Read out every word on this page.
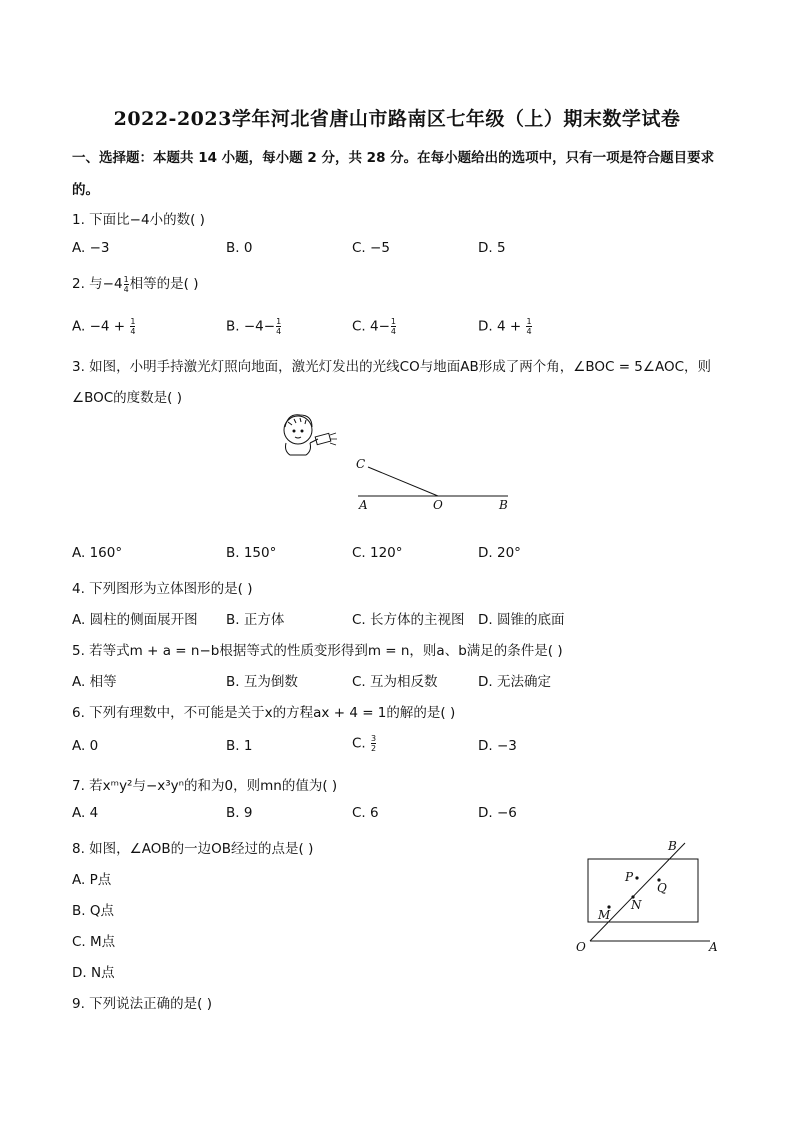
2022-2023学年河北省唐山市路南区七年级（上）期末数学试卷
一、选择题：本题共 14 小题，每小题 2 分，共 28 分。在每小题给出的选项中，只有一项是符合题目要求
的。
1. 下面比−4小的数( )
A. −3	B. 0	C. −5	D. 5
2. 与$-4 \frac{1}{4}$ 相等的是( )
A. $-4 + \frac{1}{4}$	B. $-4- \frac{1}{4}$	C. $4- \frac{1}{4}$	D. $4 + \frac{1}{4}$
3. 如图，小明手持激光灯照向地面，激光灯发出的光线CO与地面AB形成了两个角，∠BOC = 5∠AOC，则
∠BOC的度数是( )
C
A	O	B
A. 160°	B. 150°	C. 120°	D. 20°
4. 下列图形为立体图形的是( )
A. 圆柱的侧面展开图 B. 正方体	C. 长方体的主视图 D. 圆锥的底面
5. 若等式m + a = n−b根据等式的性质变形得到m = n，则a、b满足的条件是( )
A. 相等	B. 互为倒数	C. 互为相反数	D. 无法确定
6. 下列有理数中，不可能是关于x的方程ax + 4 = 1的解的是( )
A. 0	B. 1	C. $\frac{3}{2}$	D. −3
7. 若xᵐy²与−x³yⁿ的和为0，则mn的值为( )
A. 4	B. 9	C. 6	D. −6
8. 如图，∠AOB的一边OB经过的点是( )
A. P点
B. Q点
C. M点
D. N点
B
P
Q
N
M
O	A
9. 下列说法正确的是( )
